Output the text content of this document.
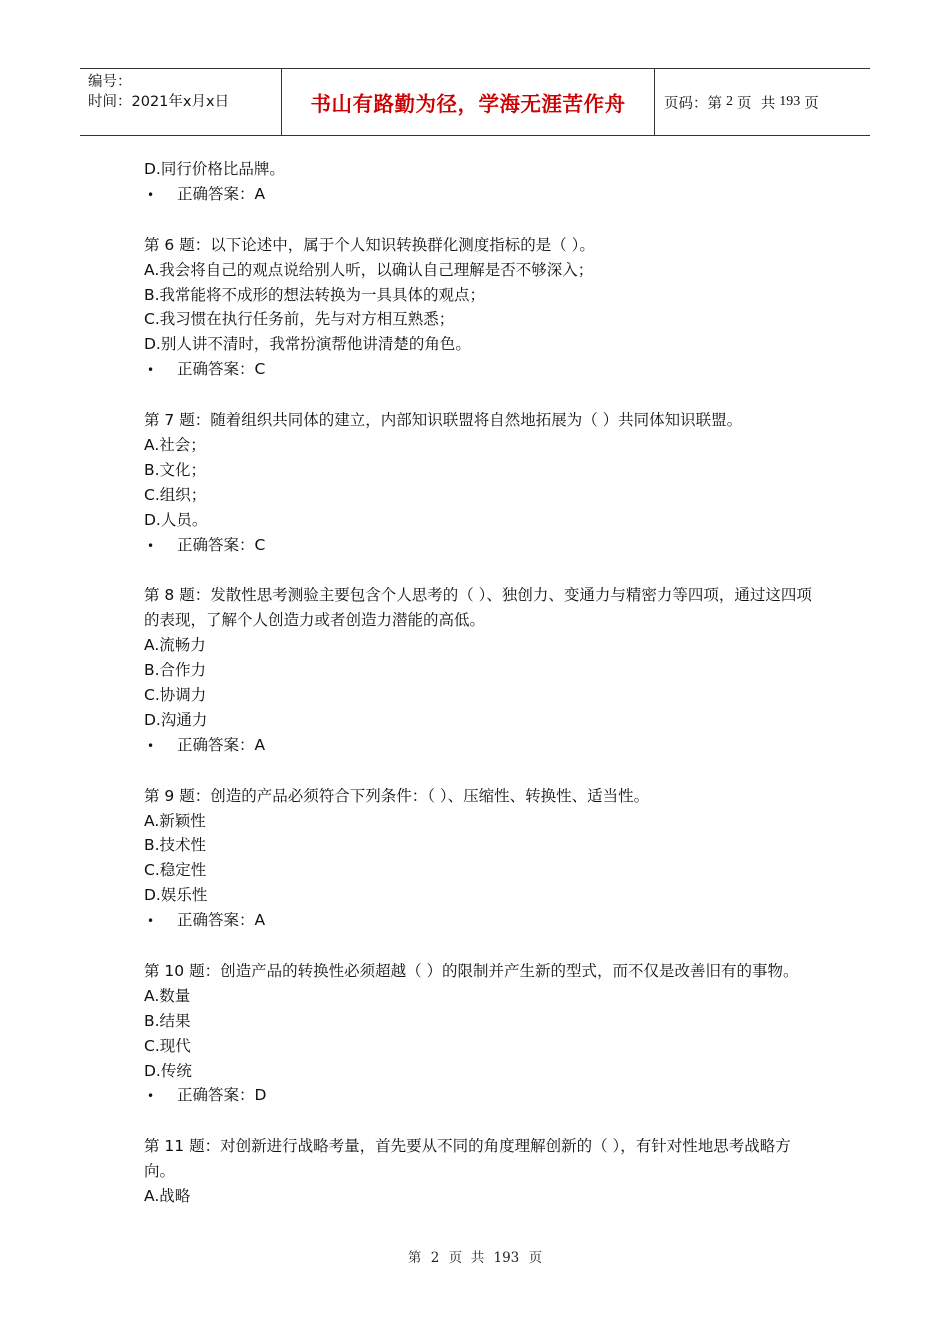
编号：
时间：2021年x月x日	书山有路勤为径，学海无涯苦作舟	页码：第 2 页  共 193 页
D.同行价格比品牌。
• 正确答案：A
第 6 题：以下论述中，属于个人知识转换群化测度指标的是（ ）。
A.我会将自己的观点说给别人听，以确认自己理解是否不够深入；
B.我常能将不成形的想法转换为一具具体的观点；
C.我习惯在执行任务前，先与对方相互熟悉；
D.别人讲不清时，我常扮演帮他讲清楚的角色。
• 正确答案：C
第 7 题：随着组织共同体的建立，内部知识联盟将自然地拓展为（ ）共同体知识联盟。
A.社会；
B.文化；
C.组织；
D.人员。
• 正确答案：C
第 8 题：发散性思考测验主要包含个人思考的（ ）、独创力、变通力与精密力等四项，通过这四项的表现，了解个人创造力或者创造力潜能的高低。
A.流畅力
B.合作力
C.协调力
D.沟通力
• 正确答案：A
第 9 题：创造的产品必须符合下列条件：（ ）、压缩性、转换性、适当性。
A.新颖性
B.技术性
C.稳定性
D.娱乐性
• 正确答案：A
第 10 题：创造产品的转换性必须超越（ ）的限制并产生新的型式，而不仅是改善旧有的事物。
A.数量
B.结果
C.现代
D.传统
• 正确答案：D
第 11 题：对创新进行战略考量，首先要从不同的角度理解创新的（ ），有针对性地思考战略方向。
A.战略
第 2 页  共 193 页
